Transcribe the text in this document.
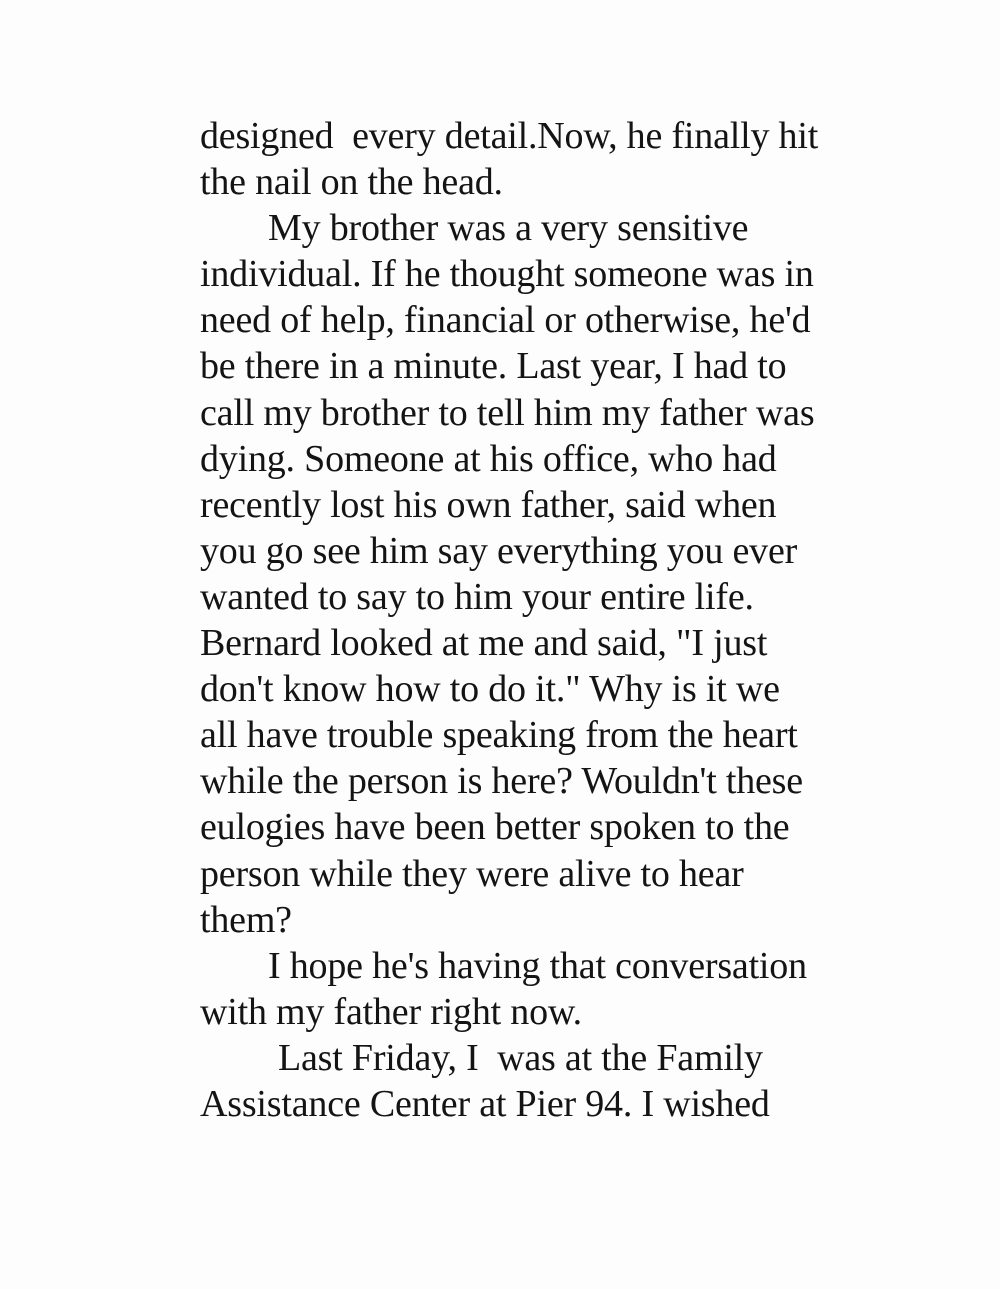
designed  every detail.Now, he finally hit
the nail on the head.
My brother was a very sensitive
individual. If he thought someone was in
need of help, financial or otherwise, he'd
be there in a minute. Last year, I had to
call my brother to tell him my father was
dying. Someone at his office, who had
recently lost his own father, said when
you go see him say everything you ever
wanted to say to him your entire life.
Bernard looked at me and said, "I just
don't know how to do it." Why is it we
all have trouble speaking from the heart
while the person is here? Wouldn't these
eulogies have been better spoken to the
person while they were alive to hear
them?
I hope he's having that conversation
with my father right now.
Last Friday, I  was at the Family
Assistance Center at Pier 94. I wished
